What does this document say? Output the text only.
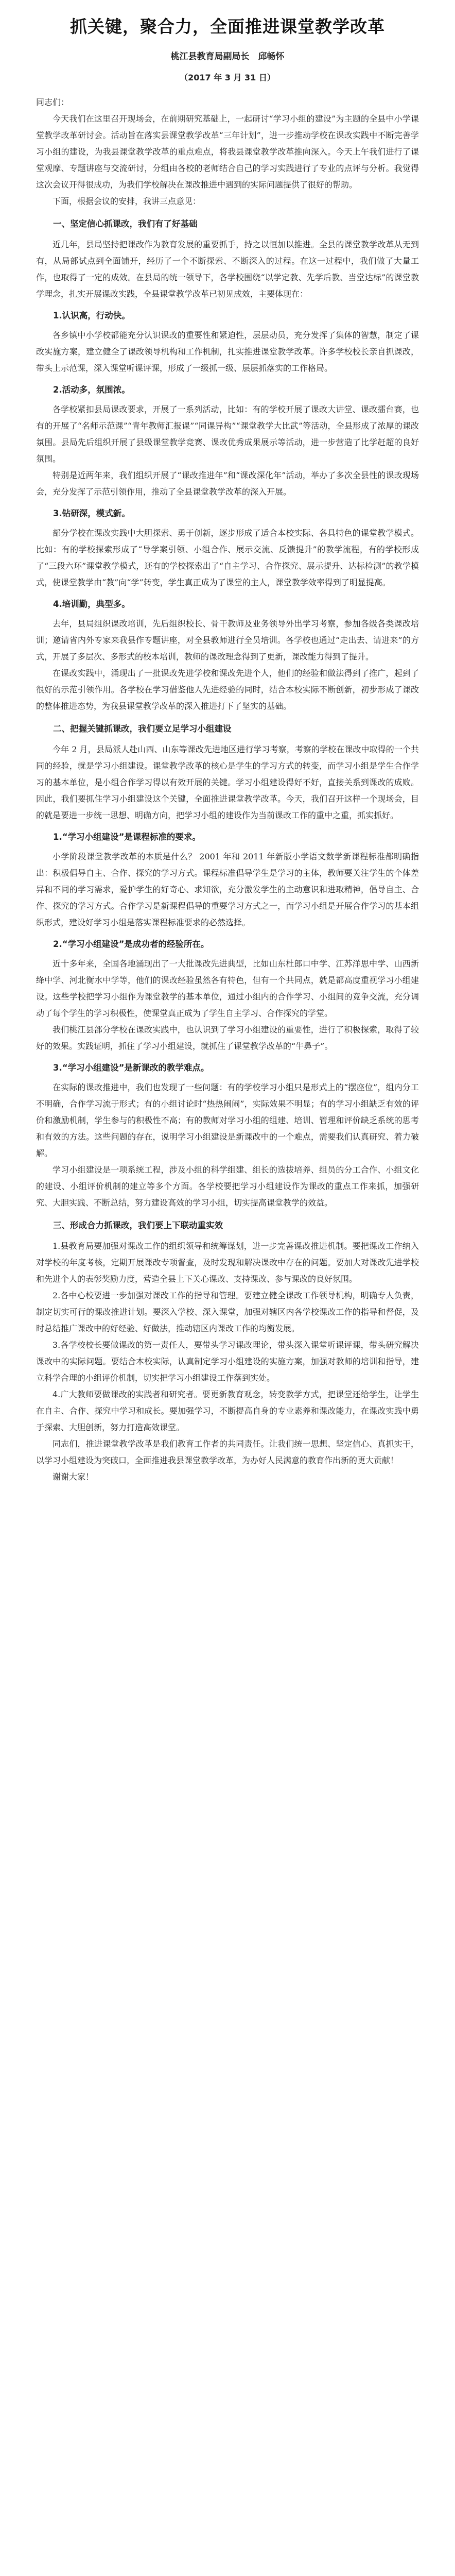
抓关键，聚合力，全面推进课堂教学改革
桃江县教育局副局长　邱畅怀
（2017 年 3 月 31 日）
同志们：
今天我们在这里召开现场会，在前期研究基础上，一起研讨“学习小组的建设”为主题的全县中小学课堂教学改革研讨会。活动旨在落实县课堂教学改革“三年计划”，进一步推动学校在课改实践中不断完善学习小组的建设，为我县课堂教学改革的重点难点，将我县课堂教学改革推向深入。今天上午我们进行了课堂观摩、专题讲座与交流研讨，分组由各校的老师结合自己的学习实践进行了专业的点评与分析。我觉得这次会议开得很成功，为我们学校解决在课改推进中遇到的实际问题提供了很好的帮助。
下面，根据会议的安排，我讲三点意见：
一、坚定信心抓课改，我们有了好基础
近几年，县局坚持把课改作为教育发展的重要抓手，持之以恒加以推进。全县的课堂教学改革从无到有，从局部试点到全面铺开，经历了一个不断探索、不断深入的过程。在这一过程中，我们做了大量工作，也取得了一定的成效。在县局的统一领导下，各学校围绕“以学定教、先学后教、当堂达标”的课堂教学理念，扎实开展课改实践，全县课堂教学改革已初见成效，主要体现在：
1.认识高，行动快。
各乡镇中小学校都能充分认识课改的重要性和紧迫性，层层动员，充分发挥了集体的智慧，制定了课改实施方案，建立健全了课改领导机构和工作机制，扎实推进课堂教学改革。许多学校校长亲自抓课改，带头上示范课，深入课堂听课评课，形成了一级抓一级、层层抓落实的工作格局。
2.活动多，氛围浓。
各学校紧扣县局课改要求，开展了一系列活动，比如：有的学校开展了课改大讲堂、课改擂台赛，也有的开展了“名师示范课”“青年教师汇报课”“同课异构”“课堂教学大比武”等活动，全县形成了浓厚的课改氛围。县局先后组织开展了县级课堂教学竞赛、课改优秀成果展示等活动，进一步营造了比学赶超的良好氛围。
特别是近两年来，我们组织开展了“课改推进年”和“课改深化年”活动，举办了多次全县性的课改现场会，充分发挥了示范引领作用，推动了全县课堂教学改革的深入开展。
3.钻研深，模式新。
部分学校在课改实践中大胆探索、勇于创新，逐步形成了适合本校实际、各具特色的课堂教学模式。比如：有的学校探索形成了“导学案引领、小组合作、展示交流、反馈提升”的教学流程，有的学校形成了“三段六环”课堂教学模式，还有的学校探索出了“自主学习、合作探究、展示提升、达标检测”的教学模式，使课堂教学由“教”向“学”转变，学生真正成为了课堂的主人，课堂教学效率得到了明显提高。
4.培训勤，典型多。
去年，县局组织课改培训，先后组织校长、骨干教师及业务领导外出学习考察，参加各级各类课改培训；邀请省内外专家来我县作专题讲座，对全县教师进行全员培训。各学校也通过“走出去、请进来”的方式，开展了多层次、多形式的校本培训，教师的课改理念得到了更新，课改能力得到了提升。
在课改实践中，涌现出了一批课改先进学校和课改先进个人，他们的经验和做法得到了推广，起到了很好的示范引领作用。各学校在学习借鉴他人先进经验的同时，结合本校实际不断创新，初步形成了课改的整体推进态势，为我县课堂教学改革的深入推进打下了坚实的基础。
二、把握关键抓课改，我们要立足学习小组建设
今年 2 月，县局派人赴山西、山东等课改先进地区进行学习考察，考察的学校在课改中取得的一个共同的经验，就是学习小组建设。课堂教学改革的核心是学生的学习方式的转变，而学习小组是学生合作学习的基本单位，是小组合作学习得以有效开展的关键。学习小组建设得好不好，直接关系到课改的成败。因此，我们要抓住学习小组建设这个关键，全面推进课堂教学改革。今天，我们召开这样一个现场会，目的就是要进一步统一思想、明确方向，把学习小组的建设作为当前课改工作的重中之重，抓实抓好。
1.“学习小组建设”是课程标准的要求。
小学阶段课堂教学改革的本质是什么？ 2001 年和 2011 年新版小学语文数学新课程标准都明确指出：积极倡导自主、合作、探究的学习方式。课程标准倡导学生是学习的主体，教师要关注学生的个体差异和不同的学习需求，爱护学生的好奇心、求知欲，充分激发学生的主动意识和进取精神，倡导自主、合作、探究的学习方式。合作学习是新课程倡导的重要学习方式之一，而学习小组是开展合作学习的基本组织形式，建设好学习小组是落实课程标准要求的必然选择。
2.“学习小组建设”是成功者的经验所在。
近十多年来，全国各地涌现出了一大批课改先进典型，比如山东杜郎口中学、江苏洋思中学、山西新绛中学、河北衡水中学等，他们的课改经验虽然各有特色，但有一个共同点，就是都高度重视学习小组建设。这些学校把学习小组作为课堂教学的基本单位，通过小组内的合作学习、小组间的竞争交流，充分调动了每个学生的学习积极性，使课堂真正成为了学生自主学习、合作探究的学堂。
我们桃江县部分学校在课改实践中，也认识到了学习小组建设的重要性，进行了积极探索，取得了较好的效果。实践证明，抓住了学习小组建设，就抓住了课堂教学改革的“牛鼻子”。
3.“学习小组建设”是新课改的教学难点。
在实际的课改推进中，我们也发现了一些问题：有的学校学习小组只是形式上的“摆座位”，组内分工不明确，合作学习流于形式；有的小组讨论时“热热闹闹”，实际效果不明显；有的学习小组缺乏有效的评价和激励机制，学生参与的积极性不高；有的教师对学习小组的组建、培训、管理和评价缺乏系统的思考和有效的方法。这些问题的存在，说明学习小组建设是新课改中的一个难点，需要我们认真研究、着力破解。
学习小组建设是一项系统工程，涉及小组的科学组建、组长的选拔培养、组员的分工合作、小组文化的建设、小组评价机制的建立等多个方面。各学校要把学习小组建设作为课改的重点工作来抓，加强研究、大胆实践、不断总结，努力建设高效的学习小组，切实提高课堂教学的效益。
三、形成合力抓课改，我们要上下联动重实效
1.县教育局要加强对课改工作的组织领导和统筹谋划，进一步完善课改推进机制。要把课改工作纳入对学校的年度考核，定期开展课改专项督查，及时发现和解决课改中存在的问题。要加大对课改先进学校和先进个人的表彰奖励力度，营造全县上下关心课改、支持课改、参与课改的良好氛围。
2.各中心校要进一步加强对课改工作的指导和管理。要建立健全课改工作领导机构，明确专人负责，制定切实可行的课改推进计划。要深入学校、深入课堂，加强对辖区内各学校课改工作的指导和督促，及时总结推广课改中的好经验、好做法，推动辖区内课改工作的均衡发展。
3.各学校校长要做课改的第一责任人，要带头学习课改理论，带头深入课堂听课评课，带头研究解决课改中的实际问题。要结合本校实际，认真制定学习小组建设的实施方案，加强对教师的培训和指导，建立科学合理的小组评价机制，切实把学习小组建设工作落到实处。
4.广大教师要做课改的实践者和研究者。要更新教育观念，转变教学方式，把课堂还给学生，让学生在自主、合作、探究中学习和成长。要加强学习，不断提高自身的专业素养和课改能力，在课改实践中勇于探索、大胆创新，努力打造高效课堂。
同志们，推进课堂教学改革是我们教育工作者的共同责任。让我们统一思想、坚定信心、真抓实干，以学习小组建设为突破口，全面推进我县课堂教学改革，为办好人民满意的教育作出新的更大贡献！
谢谢大家！
